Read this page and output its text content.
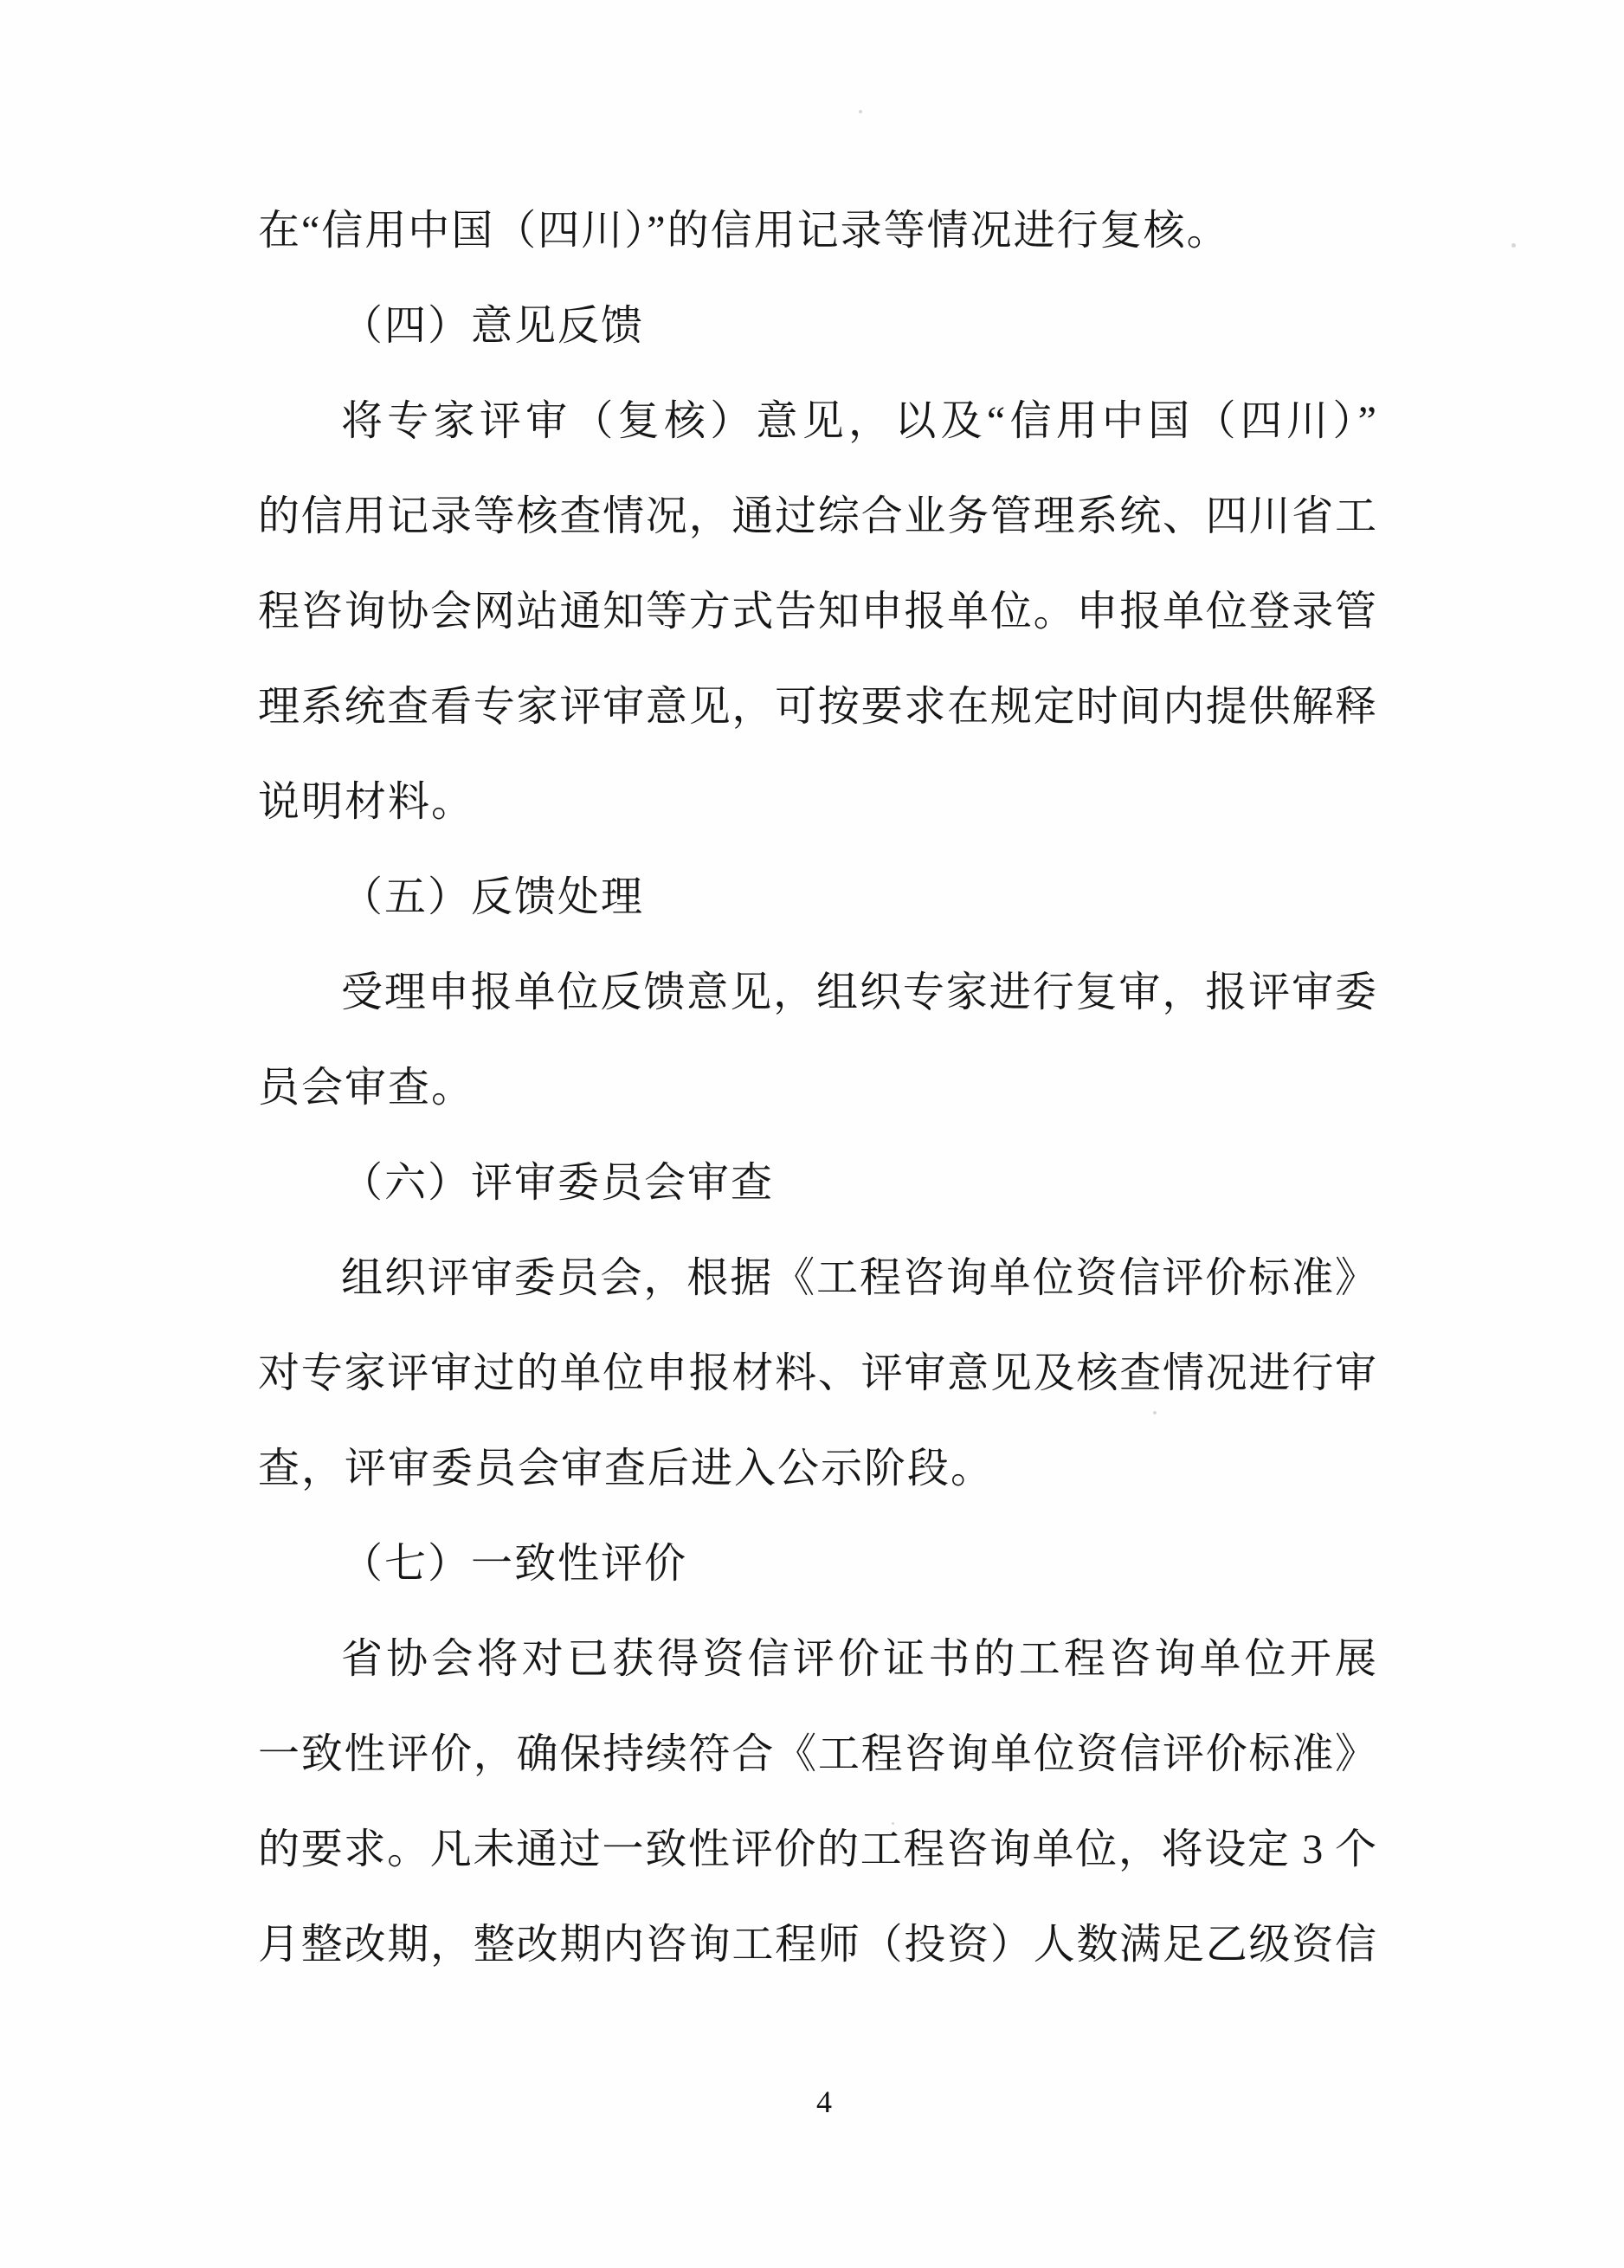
在“信用中国（四川）”的信用记录等情况进行复核。
（四）意见反馈
将专家评审（复核）意见，以及“信用中国（四川）”
的信用记录等核查情况，通过综合业务管理系统、四川省工
程咨询协会网站通知等方式告知申报单位。申报单位登录管
理系统查看专家评审意见，可按要求在规定时间内提供解释
说明材料。
（五）反馈处理
受理申报单位反馈意见，组织专家进行复审，报评审委
员会审查。
（六）评审委员会审查
组织评审委员会，根据《工程咨询单位资信评价标准》
对专家评审过的单位申报材料、评审意见及核查情况进行审
查，评审委员会审查后进入公示阶段。
（七）一致性评价
省协会将对已获得资信评价证书的工程咨询单位开展
一致性评价，确保持续符合《工程咨询单位资信评价标准》
的要求。凡未通过一致性评价的工程咨询单位，将设定 3 个
月整改期，整改期内咨询工程师（投资）人数满足乙级资信
4
